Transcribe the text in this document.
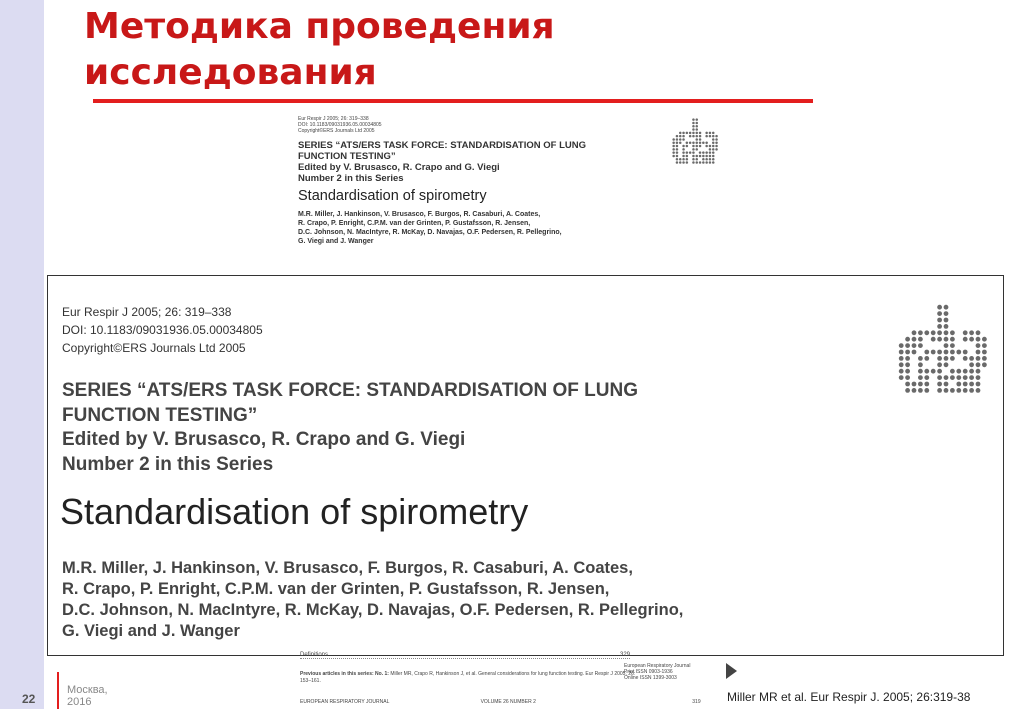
Методика проведения
исследования
Eur Respir J 2005; 26: 319–338
DOI: 10.1183/09031936.05.00034805
Copyright©ERS Journals Ltd 2005
SERIES “ATS/ERS TASK FORCE: STANDARDISATION OF LUNG
FUNCTION TESTING”
Edited by V. Brusasco, R. Crapo and G. Viegi
Number 2 in this Series
Standardisation of spirometry
M.R. Miller, J. Hankinson, V. Brusasco, F. Burgos, R. Casaburi, A. Coates,
R. Crapo, P. Enright, C.P.M. van der Grinten, P. Gustafsson, R. Jensen,
D.C. Johnson, N. MacIntyre, R. McKay, D. Navajas, O.F. Pedersen, R. Pellegrino,
G. Viegi and J. Wanger
Eur Respir J 2005; 26: 319–338
DOI: 10.1183/09031936.05.00034805
Copyright©ERS Journals Ltd 2005
SERIES “ATS/ERS TASK FORCE: STANDARDISATION OF LUNG
FUNCTION TESTING”
Edited by V. Brusasco, R. Crapo and G. Viegi
Number 2 in this Series
Standardisation of spirometry
M.R. Miller, J. Hankinson, V. Brusasco, F. Burgos, R. Casaburi, A. Coates,
R. Crapo, P. Enright, C.P.M. van der Grinten, P. Gustafsson, R. Jensen,
D.C. Johnson, N. MacIntyre, R. McKay, D. Navajas, O.F. Pedersen, R. Pellegrino,
G. Viegi and J. Wanger
Definitions	329
Previous articles in this series: No. 1: Miller MR, Crapo R, Hankinson J, et al. General considerations for lung function testing. Eur Respir J 2005; 26:
153–161.
European Respiratory Journal
Print ISSN 0903-1936
Online ISSN 1399-3003
EUROPEAN RESPIRATORY JOURNAL	VOLUME 26 NUMBER 2	319
22
Москва,
2016	Miller MR et al. Eur Respir J. 2005; 26:319-38
